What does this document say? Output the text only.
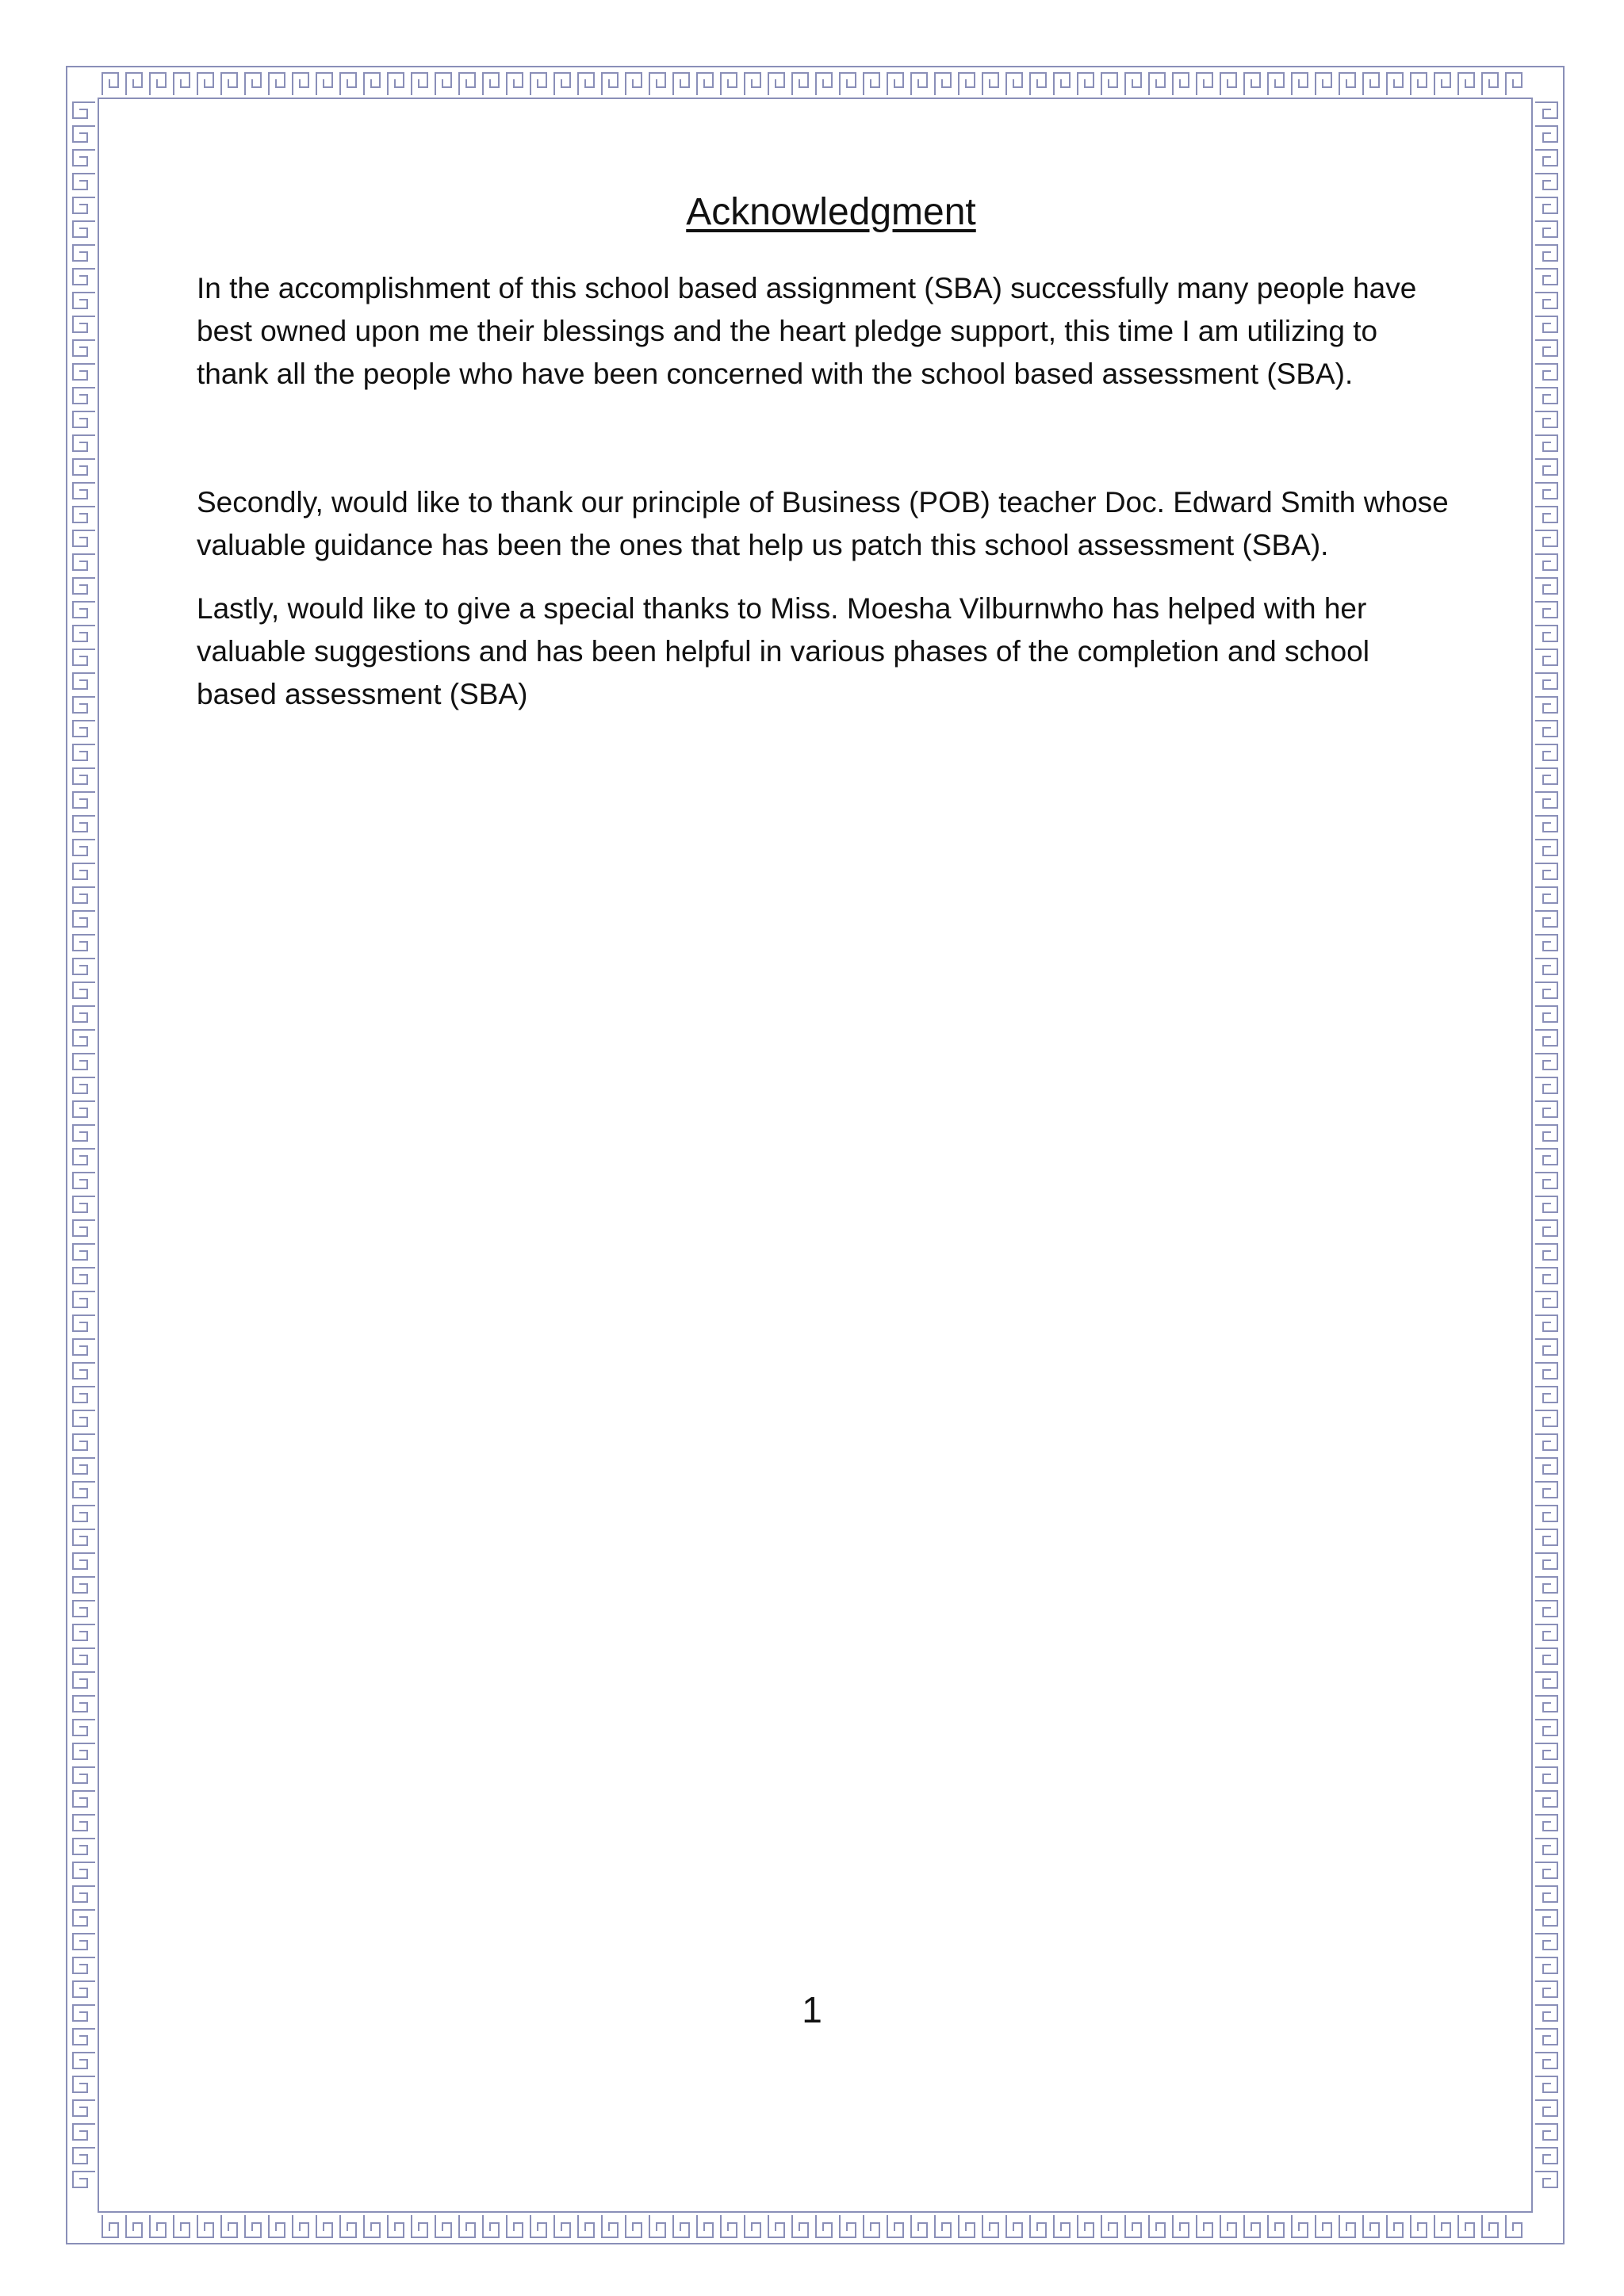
Acknowledgment

In the accomplishment of this school based assignment (SBA) successfully many people have best owned upon me their blessings and the heart pledge support, this time I am utilizing to thank all the people who have been concerned with the school based assessment (SBA).

Secondly, would like to thank our principle of Business (POB) teacher Doc. Edward Smith whose valuable guidance has been the ones that help us patch this school assessment (SBA).

Lastly, would like to give a special thanks to Miss. Moesha Vilburnwho has helped with her valuable suggestions and has been helpful in various phases of the completion and school based assessment (SBA)

1
